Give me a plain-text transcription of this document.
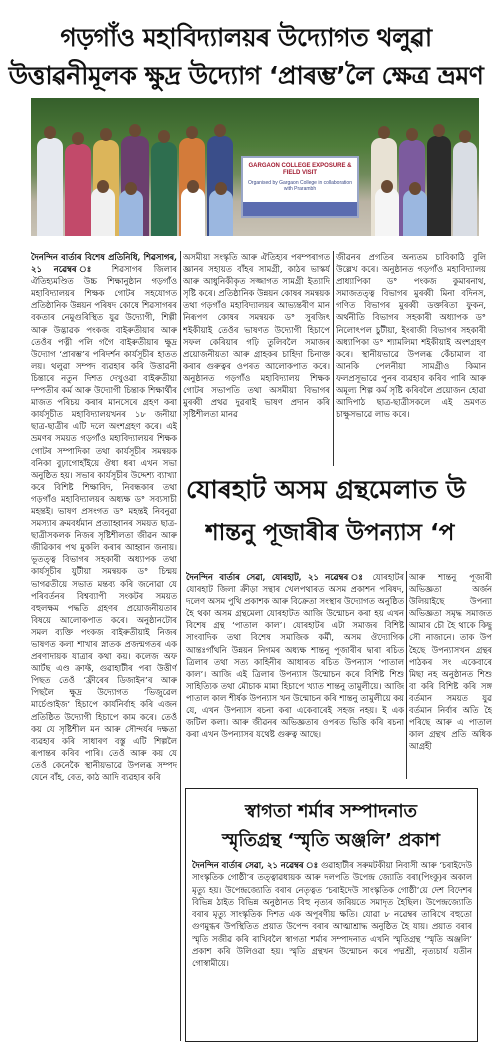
গড়গাঁও মহাবিদ্যালয়ৰ উদ্যোগত থলুৱা
উত্তাৱনীমূলক ক্ষুদ্ৰ উদ্যোগ ‘প্ৰাৰম্ভ’লৈ ক্ষেত্ৰ ভ্ৰমণ
GARGAON COLLEGE EXPOSURE & FIELD VISIT
Organised by Gargaon College in collaboration with Prarambh

দৈনন্দিন বাৰ্তাৰ বিশেষ প্ৰতিনিধি, শিৱসাগৰ, ২১ নৱেম্বৰ ঃ শিৱসাগৰ জিলাৰ ঐতিহ্যমণ্ডিত উচ্চ শিক্ষানুষ্ঠান গড়গাঁও মহাবিদ্যালয়ৰ শিক্ষক গোটৰ সহযোগত প্ৰতিষ্ঠানিক উন্নয়ন পৰিষদ কোষে শিৱসাগৰৰ বকতাৰ নেমুগুৰিস্থিত যুৱ উদ্যোগী, শিল্পী আৰু উদ্ভাৱক পংকজ বাইৰুতীয়াৰ আৰু তেওঁৰ পত্নী পলি গগৈ বাইৰুতীয়াৰ ক্ষুদ্ৰ উদ্যোগ ‘প্ৰাৰম্ভ’ৰ পৰিদৰ্শন কাৰ্যসূচীৰ হাতত লয়। থলুৱা সম্পদ ব্যৱহাৰ কৰি উত্তাৱনী চিন্তাৰে নতুন দিশত দেখুওৱা বাইৰুতীয়া দম্পতীৰ কৰ্ম আৰু উদ্যোগী চিন্তাক শিক্ষাৰ্থীৰ মাজত পৰিচয় কৰাৰ মানসেৰে গ্ৰহণ কৰা কাৰ্যসূচীত মহাবিদ্যালয়খনৰ ১৮ জনীয়া ছাত্ৰ-ছাত্ৰীৰ এটি দলে অংশগ্ৰহণ কৰে। এই ভ্ৰমণৰ সময়ত গড়গাঁও মহাবিদ্যালয়ৰ শিক্ষক গোটৰ সম্পাদিকা তথা কাৰ্যসূচীৰ সমন্বয়ক বনিকা বুঢ়াগোহাঁইয়ে ঔধা ধৰা এখন সভা অনুষ্ঠিত হয়। সভাৰ কাৰ্যসূচীৰ উদ্দেশ্য ব্যাখ্যা কৰে বিশিষ্ট শিক্ষাবিদ, নিবন্ধকাৰ তথা গড়গাঁও মহাবিদ্যালয়ৰ অধ্যক্ষ ড° সব্যসাচী মহন্তই। ভাষণ প্ৰসংগত ড° মহন্তই নিবনুৱা সমস্যাৰ ক্ৰমবৰ্ধমান প্ৰত্যাহ্বানৰ সময়ত ছাত্ৰ-ছাত্ৰীসকলক নিজৰ সৃষ্টিশীলতা জীৱন আৰু জীৱিকাৰ পথ মুকলি কৰাৰ আহ্বান জনায়। ভূতত্ত্ব বিভাগৰ সহকাৰী অধ্যাপক তথা কাৰ্যসূচীৰ যুটীয়া সমন্বয়ক ড° চিন্ময় ভাগৱতীয়ে সভাত মন্তব্য কৰি জনোৱা যে পৰিবৰ্তনৰ বিশ্বব্যাপী সংকটৰ সময়ত বহুলক্ষম পদ্ধতি গ্ৰহণৰ প্ৰয়োজনীয়তাৰ বিষয়ে আলোকপাত কৰে। অনুষ্ঠানটোৰ সমল ব্যক্তি পংকজ বাইৰুতীয়াই নিজৰ ভাষণত কলা শাখাৰ স্নাতক প্ৰজন্মগতৰ এক প্ৰৰণাদায়ক যাত্ৰাৰ কথা কয়। কলেজ অফ আৰ্টছ এণ্ড ক্ৰাফ্ট, গুৱাহাটীৰ পৰা উত্তীৰ্ণ পিছত তেওঁ ‘ফ্ৰীৰেৰ ডিজাইন’ৰ আৰু পিছলৈ ক্ষুদ্ৰ উদ্যোগত ‘ভিজুৱেল মাৰ্চেণ্ডাইজ’ হিচাপে কাৰ্যনিৰ্বাহ কৰি এজন প্ৰতিষ্ঠিত উদ্যোগী হিচাপে কাম কৰে। তেওঁ কয় যে সৃষ্টিশীল মন আৰু সৌন্দৰ্যৰ দক্ষতা ব্যৱহাৰ কৰি সাধাৰণ বস্তু এটি শিল্পলৈ ৰূপান্তৰ কৰিব পাৰি। তেওঁ আৰু কয় যে তেওঁ কেনেকৈ স্থানীয়ভাৱে উপলব্ধ সম্পদ যেনে বাঁহ, বেত, কাঠ আদি ব্যৱহাৰ কৰি

অসমীয়া সংস্কৃতি আৰু ঐতিহ্যৰ পৰম্পৰাগত জ্ঞানৰ সহায়ত বাঁহৰ সামগ্ৰী, কাঠৰ ভাস্কৰ্য আৰু আধুনিকীকৃত সজ্জাগত সামগ্ৰী ইত্যাদি সৃষ্টি কৰে। প্ৰতিষ্ঠানিক উন্নয়ন কোষৰ সমন্বয়ক তথা গড়গাঁও মহাবিদ্যালয়ৰ আভ্যন্তৰীণ মান নিৰূপণ কোষৰ সমন্বয়ক ড° সুৰজিৎ শইকীয়াই তেওঁৰ ভাষণত উদ্যোগী হিচাপে সফল কেৰিয়াৰ গঢ়ি তুলিবলৈ সমাজৰ প্ৰয়োজনীয়তা আৰু গ্ৰাহকৰ চাহিদা চিনাক্ত কৰাৰ গুৰুত্বৰ ওপৰত আলোকপাত কৰে। অনুষ্ঠানত গড়গাঁও মহাবিদ্যালয় শিক্ষক গোটৰ সভাপতি তথা অসমীয়া বিভাগৰ মুৰব্বী প্ৰথৱ দুৱৰাই ভাষণ প্ৰদান কৰি সৃষ্টিশীলতা মানৱ

জীৱনৰ প্ৰগতিৰ অন্যতম চাবিকাঠি বুলি উল্লেখ কৰে। অনুষ্ঠানত গড়গাঁও মহাবিদ্যালয় প্ৰাধ্যাপিকা ড° পংকজ কুমাৰনাথ, সমাজতত্ত্ব বিভাগৰ মুৰব্বী মিনা বদিনস, গণিত বিভাগৰ মুৰব্বী ডক্তৰিতা ফুকন, অৰ্থনীতি বিভাগৰ সহকাৰী অধ্যাপক ড° নিলোৎপল চুটীয়া, ইংৰাজী বিভাগৰ সহকাৰী অধ্যাপিকা ড° শ্যামলিমা শইকীয়াই অংশগ্ৰহণ কৰে। স্থানীয়ভাৱে উপলব্ধ কেঁচামাল বা আনকি পেলনীয়া সামগ্ৰীও কিমান ফলপ্ৰসূভাৱে পুনৰ ব্যৱহাৰ কৰিব পাৰি আৰু অমূল্য শিল্প কৰ্ম সৃষ্টি কৰিবলৈ প্ৰয়োজন হোৱা আদিপাঠ ছাত্ৰ-ছাত্ৰীসকলে এই ভ্ৰমণত চাক্ষুসভাৱে লাভ কৰে।

যোৰহাট অসম গ্ৰন্থমেলাত উ
শান্তনু পূজাৰীৰ উপন্যাস ‘প

দৈনন্দিন বাৰ্তাৰ সেৱা, যোৰহাট, ২১ নৱেম্বৰ ঃ যোৰহাটৰ যোৰহাট জিলা ক্ৰীড়া সন্থাৰ খেলপথাৰত অসম প্ৰকাশন পৰিষদ, দলেণ অসম পুথি প্ৰকাশক আৰু বিক্ৰেতা সংস্থাৰ উদ্যোগত অনুষ্ঠিত হৈ থকা অসম গ্ৰন্থমেলা যোৰহাটত আজি উন্মোচন কৰা হয় এখন বিশেষ গ্ৰন্থ ‘পাতাল কাল’। যোৰহাটৰ এটা সমাজৰ বিশিষ্ট সাংবাদিক তথা বিশেষ সমাজিক কৰ্মী, অসম ঔদ্যোগিক আন্তঃগাঁথনি উন্নয়ন নিগমৰ অধ্যক্ষ শান্তনু পূজাৰীৰ দ্বাৰা ৰচিত ত্ৰিলাৰ তথা সত্য কাহিনীৰ আধাৰত ৰচিত উপন্যাস ‘পাতাল কাল’। আজি এই ত্ৰিলাৰ উপন্যাস উন্মোচন কৰে বিশিষ্ট শিশু সাহিত্যিক তথা মৌচাক মামা হিচাপে খ্যাত শান্তনু তামুলীয়ে। আজি পাতাল কাল শীৰ্ষক উপন্যাস খন উন্মোচন কৰি শান্তনু তামুলীয়ে কয় যে, এখন উপন্যাস ৰচনা কৰা একেবাৰেই সহজ নহয়। ই এক জটিল কলা। আৰু জীৱনৰ অভিজ্ঞতাৰ ওপৰত ভিত্তি কৰি ৰচনা কৰা এখন উপন্যাসৰ যথেষ্ট গুৰুত্ব আছে।

আৰু শান্তনু পূজাৰী অভিজ্ঞতা অৰ্জন উলিয়াইছে উপন্যা অভিজ্ঞতা সমৃদ্ধ সমাজত আমাৰ চৌ হৈ থাকে কিছু সৌ নাজানে। তাক উপ হৈছে উপন্যাসখন গ্ৰন্থৰ পাঠকৰ সং একেবাৰে মিছা নহ অনুষ্ঠানত শিশু বা কৰি বিশিষ্ট কৰি সঙ্গ বৰ্তমান সময়ত যুৱ বৰ্তমান নিৰ্বাৰ অতি হৈ পৰিছে আৰু এ পাতাল কাল গ্ৰন্থখ প্ৰতি অধিক আগ্ৰহী

স্বাগতা শৰ্মাৰ সম্পাদনাত
স্মৃতিগ্ৰন্থ ‘স্মৃতি অঞ্জলি’ প্ৰকাশ

দৈনন্দিন বাৰ্তাৰ সেৱা, ২১ নৱেম্বৰ ঃ গুৱাহাটীৰ সৰুমটকীয়া নিবাসী আৰু ‘চৰাইদেউ সাংস্কৃতিক গোষ্ঠী’ৰ তত্ত্বাৱধায়ক আৰু দলপতি উপেন্দ্ৰ জ্যোতি বৰা(পিংকু)ৰ অকাল মৃত্যু হয়। উপেন্দ্ৰজ্যোতি বৰাৰ নেতৃত্বত ‘চৰাইদেউ সাংস্কৃতিক গোষ্ঠী’য়ে দেশ বিদেশৰ বিভিন্ন ঠাইত বিভিন্ন অনুষ্ঠানত বিহু নৃত্যৰ জৰিয়তে সমাদৃত হৈছিল। উপেন্দ্ৰজ্যোতি বৰাৰ মৃত্যু সাংস্কৃতিক দিশত এক অপূৰণীয় ক্ষতি। যোৱা ৮ নৱেম্বৰ তাৰিখে বহুতো গুণমুগ্ধৰ উপস্থিতিত প্ৰয়াত উপেন্দ বৰাৰ আত্মাশ্ৰাদ্ধ অনুষ্ঠিত হৈ যায়। প্ৰয়াত বৰাৰ স্মৃতি সজীৱ কৰি ৰাখিবলৈ স্বাগতা শৰ্মাৰ সম্পাদনাত এখনি স্মৃতিগ্ৰন্থ ‘স্মৃতি অঞ্জলি’ প্ৰকাশ কৰি উলিওৱা হয়। স্মৃতি গ্ৰন্থখন উন্মোচন কৰে পদ্মশ্ৰী, নৃত্যচাৰ্য যতীন গোস্বামীয়ে।
